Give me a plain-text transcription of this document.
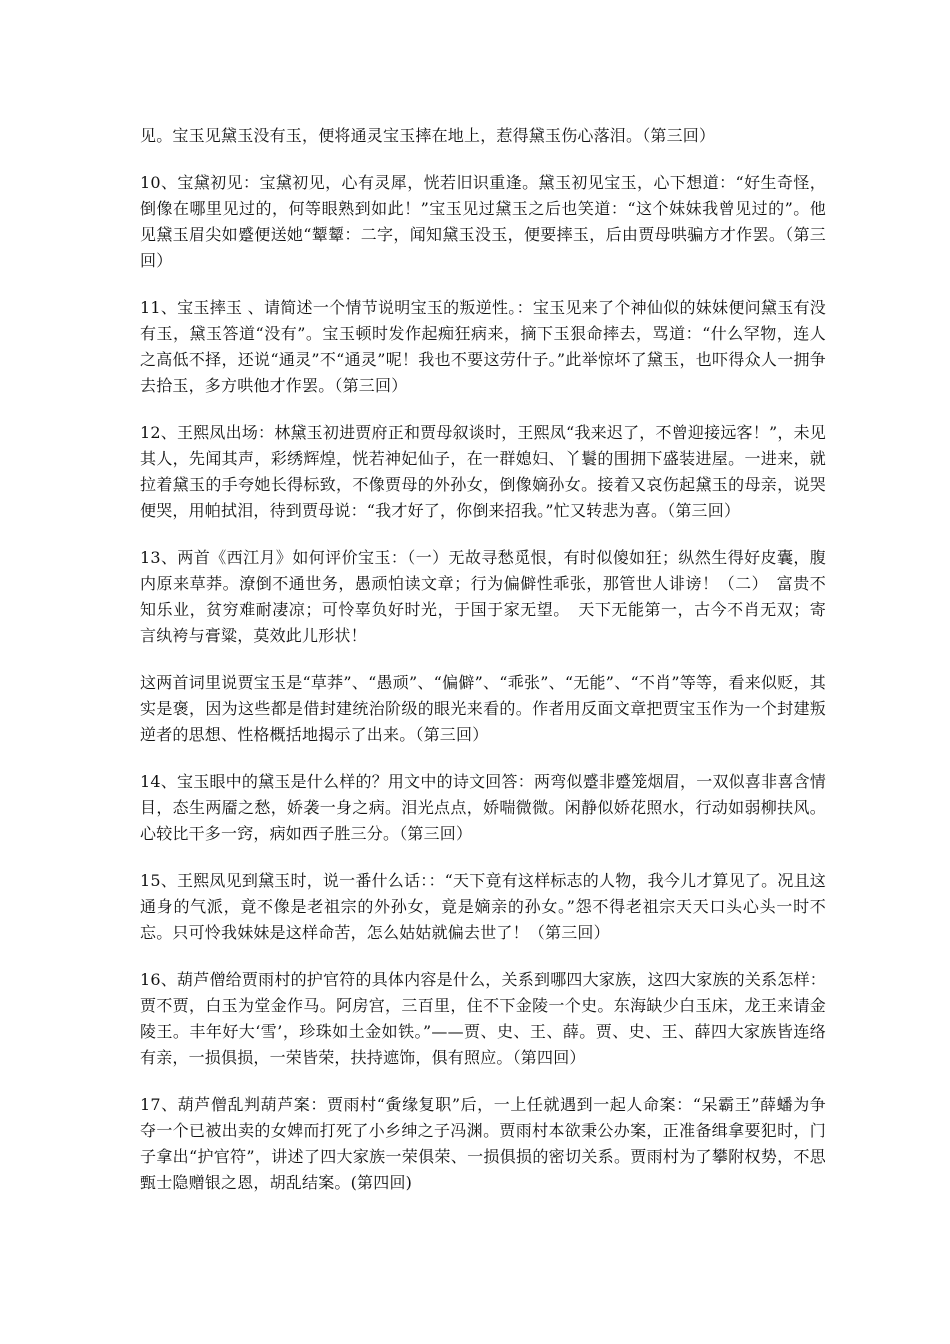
见。宝玉见黛玉没有玉，便将通灵宝玉摔在地上，惹得黛玉伤心落泪。（第三回）

10、宝黛初见：宝黛初见，心有灵犀，恍若旧识重逢。黛玉初见宝玉，心下想道：“好生奇怪，倒像在哪里见过的，何等眼熟到如此！”宝玉见过黛玉之后也笑道：“这个妹妹我曾见过的”。他见黛玉眉尖如蹙便送她“颦颦：二字，闻知黛玉没玉，便要摔玉，后由贾母哄骗方才作罢。（第三回）

11、宝玉摔玉 、请简述一个情节说明宝玉的叛逆性。：宝玉见来了个神仙似的妹妹便问黛玉有没有玉，黛玉答道“没有”。宝玉顿时发作起痴狂病来，摘下玉狠命摔去，骂道：“什么罕物，连人之高低不择，还说“通灵”不“通灵”呢！我也不要这劳什子。”此举惊坏了黛玉，也吓得众人一拥争去拾玉，多方哄他才作罢。（第三回）

12、王熙凤出场：林黛玉初进贾府正和贾母叙谈时，王熙凤“我来迟了，不曾迎接远客！”，未见其人，先闻其声，彩绣辉煌，恍若神妃仙子，在一群媳妇、丫鬟的围拥下盛装进屋。一进来，就拉着黛玉的手夸她长得标致，不像贾母的外孙女，倒像嫡孙女。接着又哀伤起黛玉的母亲，说哭便哭，用帕拭泪，待到贾母说：“我才好了，你倒来招我。”忙又转悲为喜。（第三回）

13、两首《西江月》如何评价宝玉：（一）无故寻愁觅恨，有时似傻如狂；纵然生得好皮囊，腹内原来草莽。潦倒不通世务，愚顽怕读文章；行为偏僻性乖张，那管世人诽谤！（二）　富贵不知乐业，贫穷难耐凄凉；可怜辜负好时光，于国于家无望。　天下无能第一，古今不肖无双；寄言纨袴与膏粱，莫效此儿形状！

这两首词里说贾宝玉是“草莽”、“愚顽”、“偏僻”、“乖张”、“无能”、“不肖”等等，看来似贬，其实是褒，因为这些都是借封建统治阶级的眼光来看的。作者用反面文章把贾宝玉作为一个封建叛逆者的思想、性格概括地揭示了出来。（第三回）

14、宝玉眼中的黛玉是什么样的？用文中的诗文回答：两弯似蹙非蹙笼烟眉，一双似喜非喜含情目，态生两靥之愁，娇袭一身之病。泪光点点，娇喘微微。闲静似娇花照水，行动如弱柳扶风。心较比干多一窍，病如西子胜三分。（第三回）

15、王熙凤见到黛玉时，说一番什么话：：“天下竟有这样标志的人物，我今儿才算见了。况且这通身的气派，竟不像是老祖宗的外孙女，竟是嫡亲的孙女。”怨不得老祖宗天天口头心头一时不忘。只可怜我妹妹是这样命苦，怎么姑姑就偏去世了！（第三回）

16、葫芦僧给贾雨村的护官符的具体内容是什么，关系到哪四大家族，这四大家族的关系怎样：贾不贾，白玉为堂金作马。阿房宫，三百里，住不下金陵一个史。东海缺少白玉床，龙王来请金陵王。丰年好大‘雪’，珍珠如土金如铁。”——贾、史、王、薛。贾、史、王、薛四大家族皆连络有亲，一损俱损，一荣皆荣，扶持遮饰，俱有照应。（第四回）

17、葫芦僧乱判葫芦案：贾雨村“夤缘复职”后，一上任就遇到一起人命案：“呆霸王”薛蟠为争夺一个已被出卖的女婢而打死了小乡绅之子冯渊。贾雨村本欲秉公办案，正准备缉拿要犯时，门子拿出“护官符”，讲述了四大家族一荣俱荣、一损俱损的密切关系。贾雨村为了攀附权势，不思甄士隐赠银之恩，胡乱结案。(第四回)
